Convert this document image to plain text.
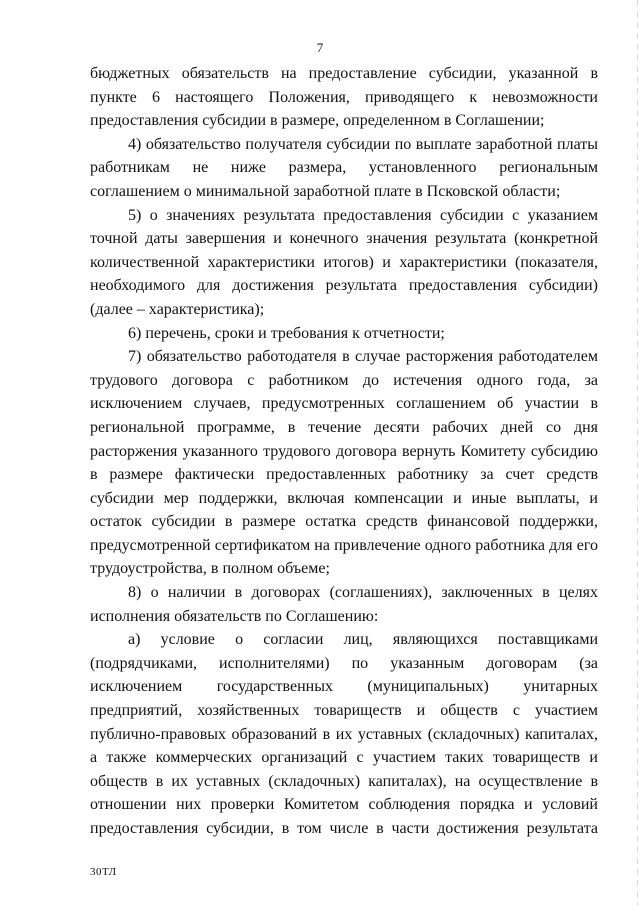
7

бюджетных обязательств на предоставление субсидии, указанной в пункте 6 настоящего Положения, приводящего к невозможности предоставления субсидии в размере, определенном в Соглашении;

4) обязательство получателя субсидии по выплате заработной платы работникам не ниже размера, установленного региональным соглашением о минимальной заработной плате в Псковской области;

5) о значениях результата предоставления субсидии с указанием точной даты завершения и конечного значения результата (конкретной количественной характеристики итогов) и характеристики (показателя, необходимого для достижения результата предоставления субсидии) (далее – характеристика);

6) перечень, сроки и требования к отчетности;

7) обязательство работодателя в случае расторжения работодателем трудового договора с работником до истечения одного года, за исключением случаев, предусмотренных соглашением об участии в региональной программе, в течение десяти рабочих дней со дня расторжения указанного трудового договора вернуть Комитету субсидию в размере фактически предоставленных работнику за счет средств субсидии мер поддержки, включая компенсации и иные выплаты, и остаток субсидии в размере остатка средств финансовой поддержки, предусмотренной сертификатом на привлечение одного работника для его трудоустройства, в полном объеме;

8) о наличии в договорах (соглашениях), заключенных в целях исполнения обязательств по Соглашению:

а) условие о согласии лиц, являющихся поставщиками (подрядчиками, исполнителями) по указанным договорам (за исключением государственных (муниципальных) унитарных предприятий, хозяйственных товариществ и обществ с участием публично-правовых образований в их уставных (складочных) капиталах, а также коммерческих организаций с участием таких товариществ и обществ в их уставных (складочных) капиталах), на осуществление в отношении них проверки Комитетом соблюдения порядка и условий предоставления субсидии, в том числе в части достижения результата

30ТЛ
